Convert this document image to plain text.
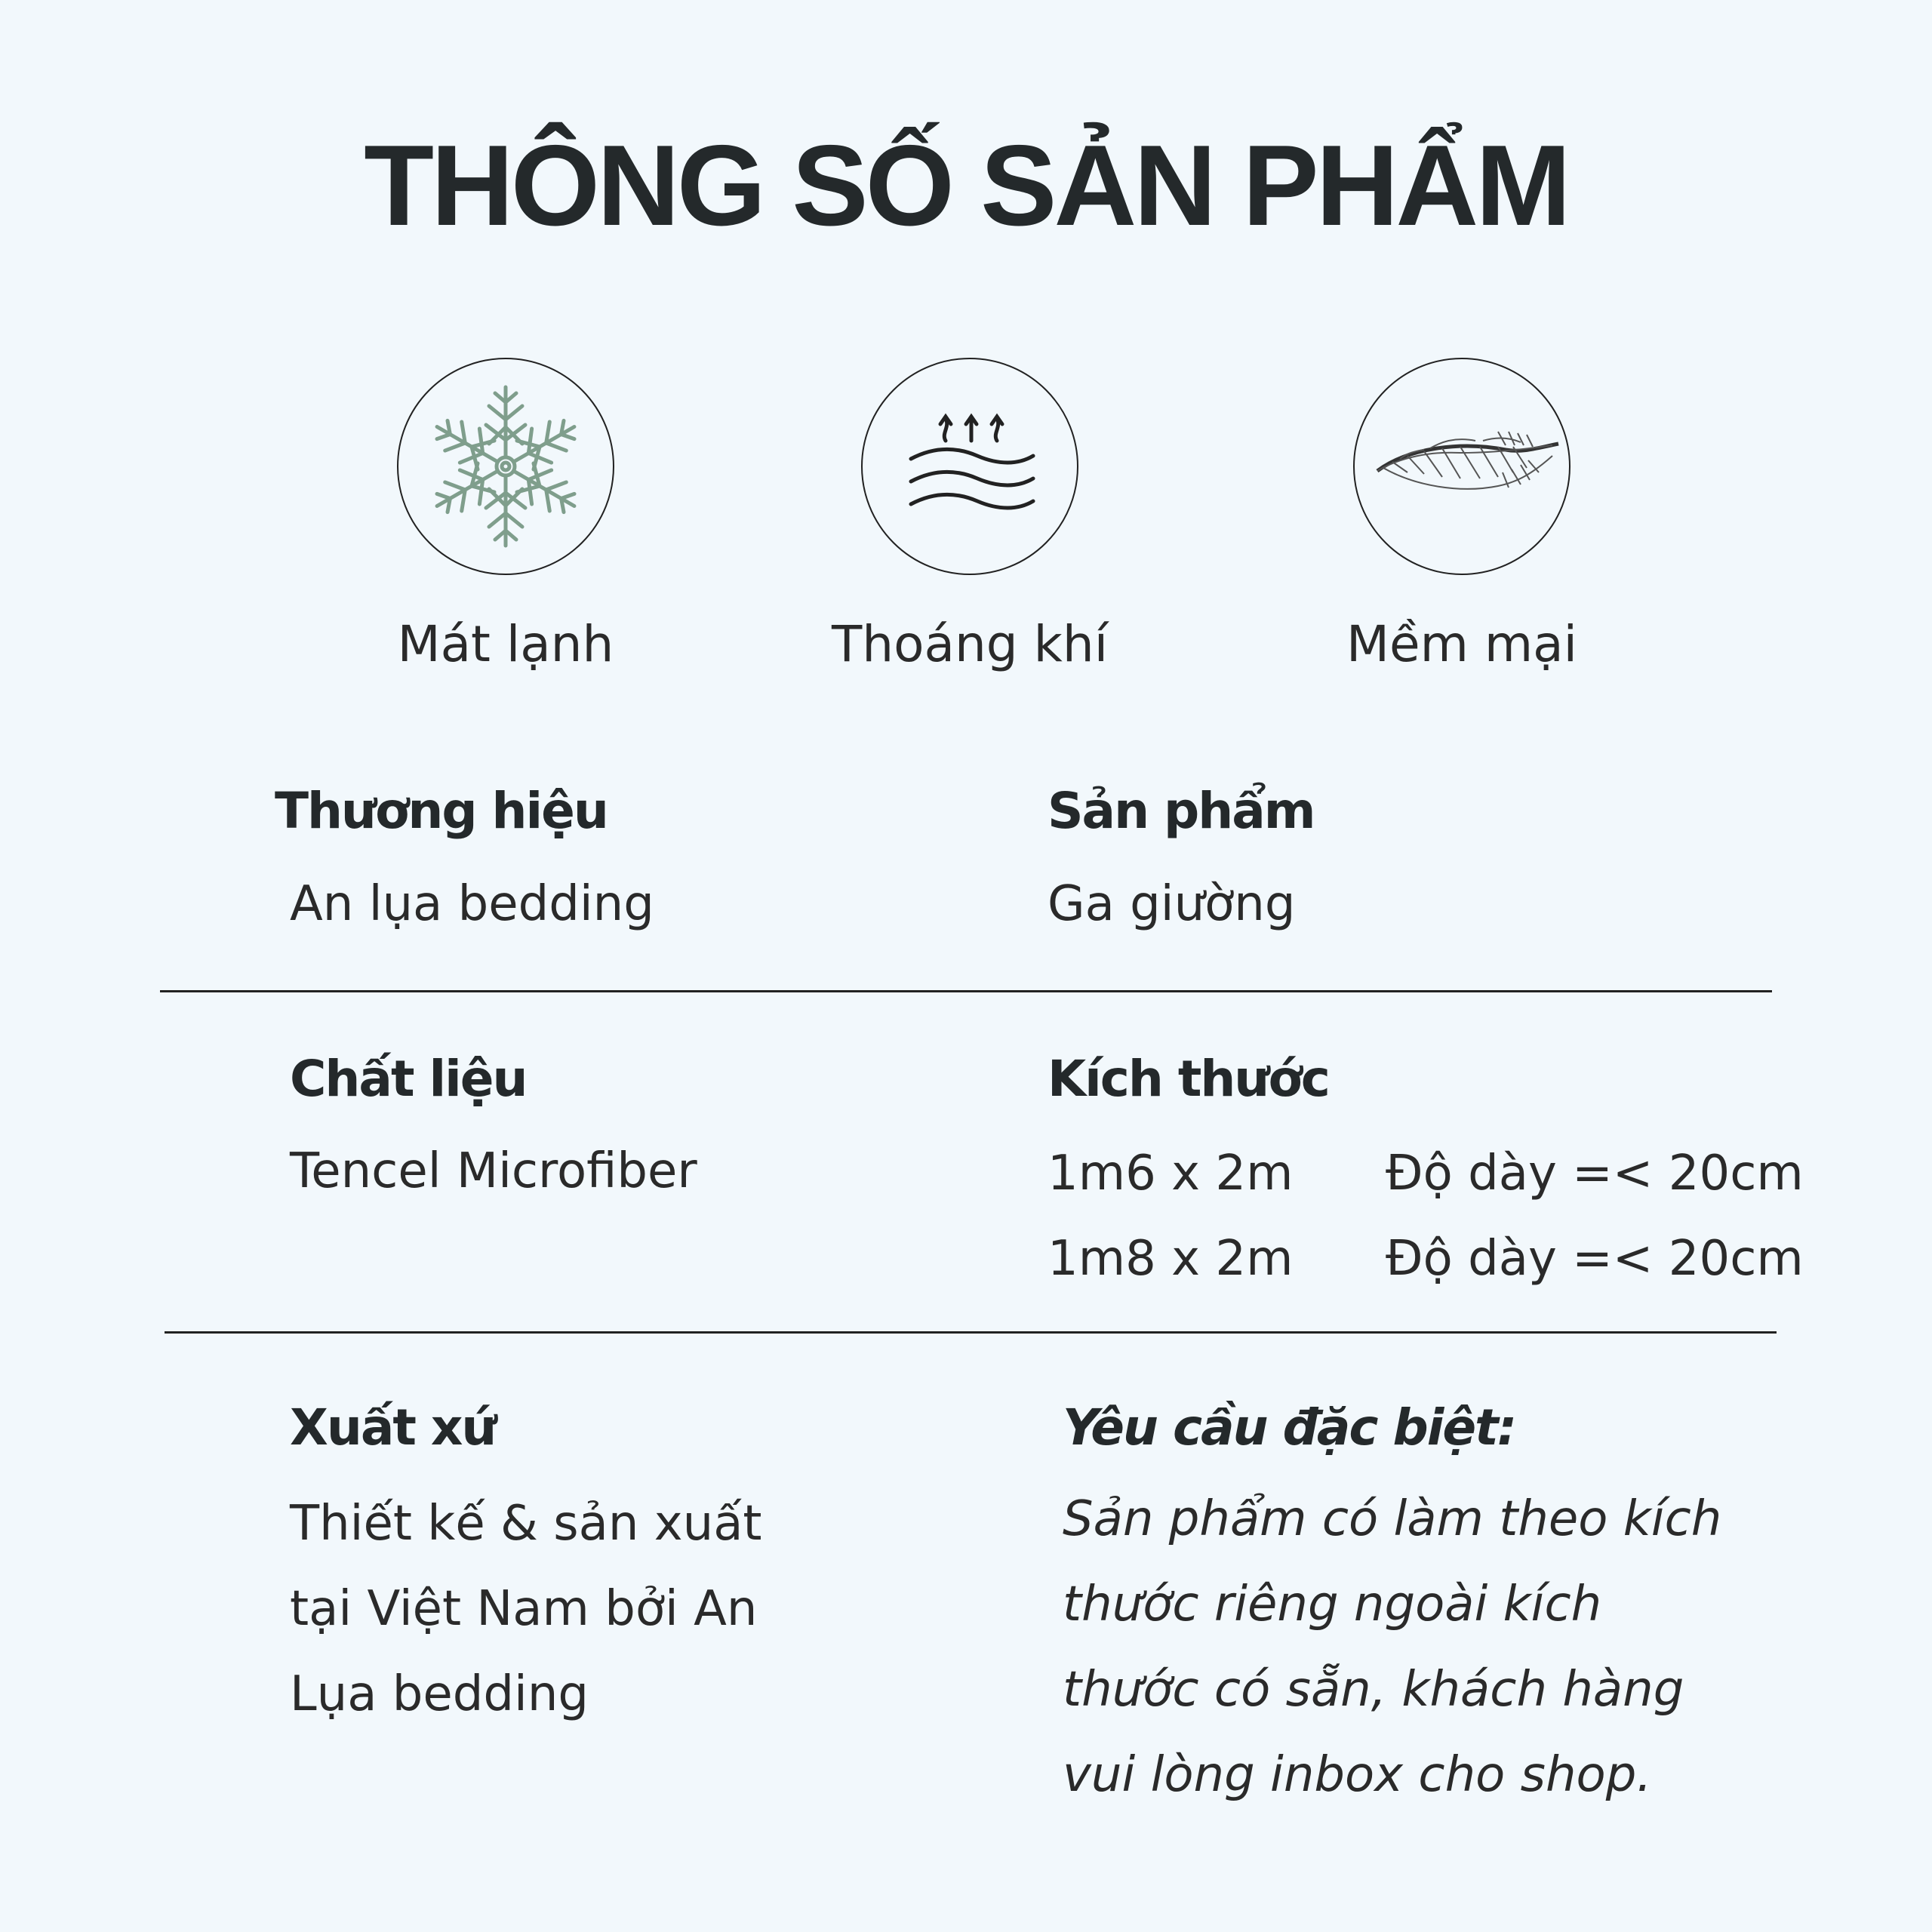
THÔNG SỐ SẢN PHẨM
Mát lạnh	Thoáng khí	Mềm mại
Thương hiệu
An lụa bedding
Sản phẩm
Ga giường
Chất liệu
Tencel Microfiber
Kích thước
1m6 x 2m Độ dày =< 20cm
1m8 x 2m Độ dày =< 20cm
Xuất xứ
Thiết kế & sản xuất
tại Việt Nam bởi An
Lụa bedding
Yêu cầu đặc biệt:
Sản phẩm có làm theo kích
thước riêng ngoài kích
thước có sẵn, khách hàng
vui lòng inbox cho shop.
